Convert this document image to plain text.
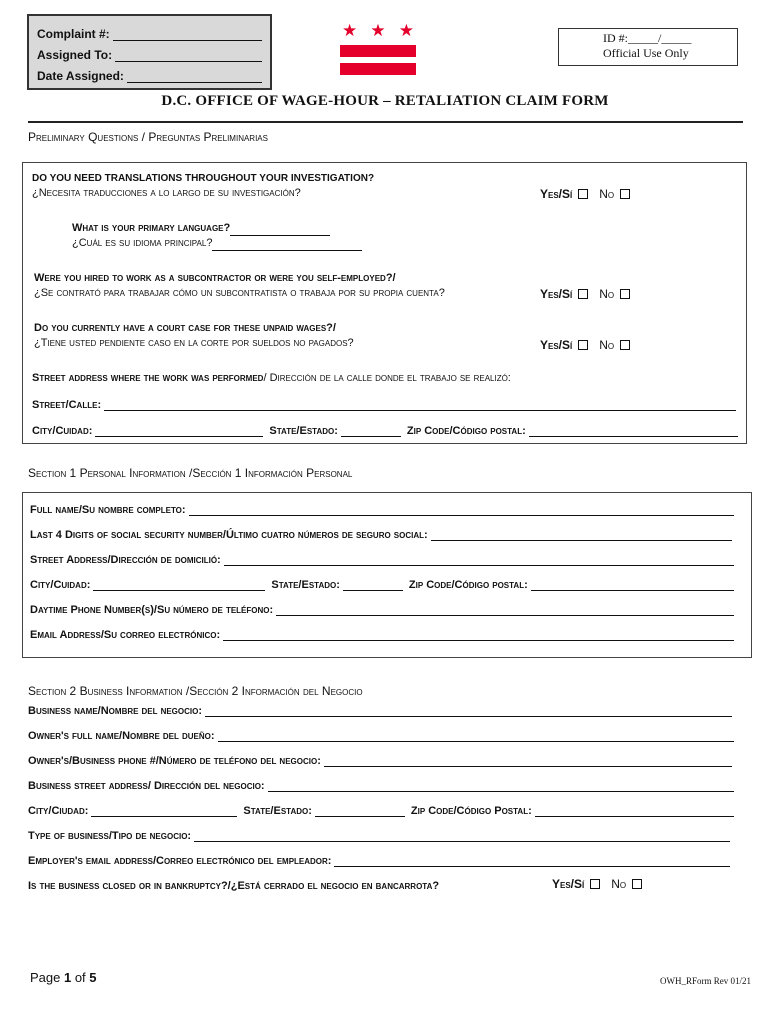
Complaint #:
Assigned To:
Date Assigned:
★ ★ ★	ID #:_____/_____
Official Use Only
D.C. OFFICE OF WAGE-HOUR – RETALIATION CLAIM FORM
Preliminary Questions / Preguntas Preliminarias
DO YOU NEED TRANSLATIONS THROUGHOUT YOUR INVESTIGATION?
¿Necesita traducciones a lo largo de su investigación?	Yes/Sí No
What is your primary language?
¿Cuál es su idioma principal?
Were you hired to work as a subcontractor or were you self-employed?/
¿Se contrató para trabajar cómo un subcontratista o trabaja por su propia cuenta?	Yes/Sí No
Do you currently have a court case for these unpaid wages?/
¿Tiene usted pendiente caso en la corte por sueldos no pagados?	Yes/Sí No
Street address where the work was performed/ Dirección de la calle donde el trabajo se realizó:
Street/Calle:
City/Cuidad:	State/Estado:	Zip Code/Código postal:
Section 1 Personal Information /Sección 1 Información Personal
Full name/Su nombre completo:
Last 4 Digits of social security number/Último cuatro números de seguro social:
Street Address/Dirección de domicilió:
City/Cuidad:	State/Estado:	Zip Code/Código postal:
Daytime Phone Number(s)/Su número de teléfono:
Email Address/Su correo electrónico:
Section 2 Business Information /Sección 2 Información del Negocio
Business name/Nombre del negocio:
Owner's full name/Nombre del dueño:
Owner's/Business phone #/Número de teléfono del negocio:
Business street address/ Dirección del negocio:
City/Ciudad:	State/Estado:	Zip Code/Código Postal:
Type of business/Tipo de negocio:
Employer's email address/Correo electrónico del empleador:
Is the business closed or in bankruptcy?/¿Está cerrado el negocio en bancarrota?	Yes/Sí No
Page 1 of 5	OWH_RForm Rev 01/21
